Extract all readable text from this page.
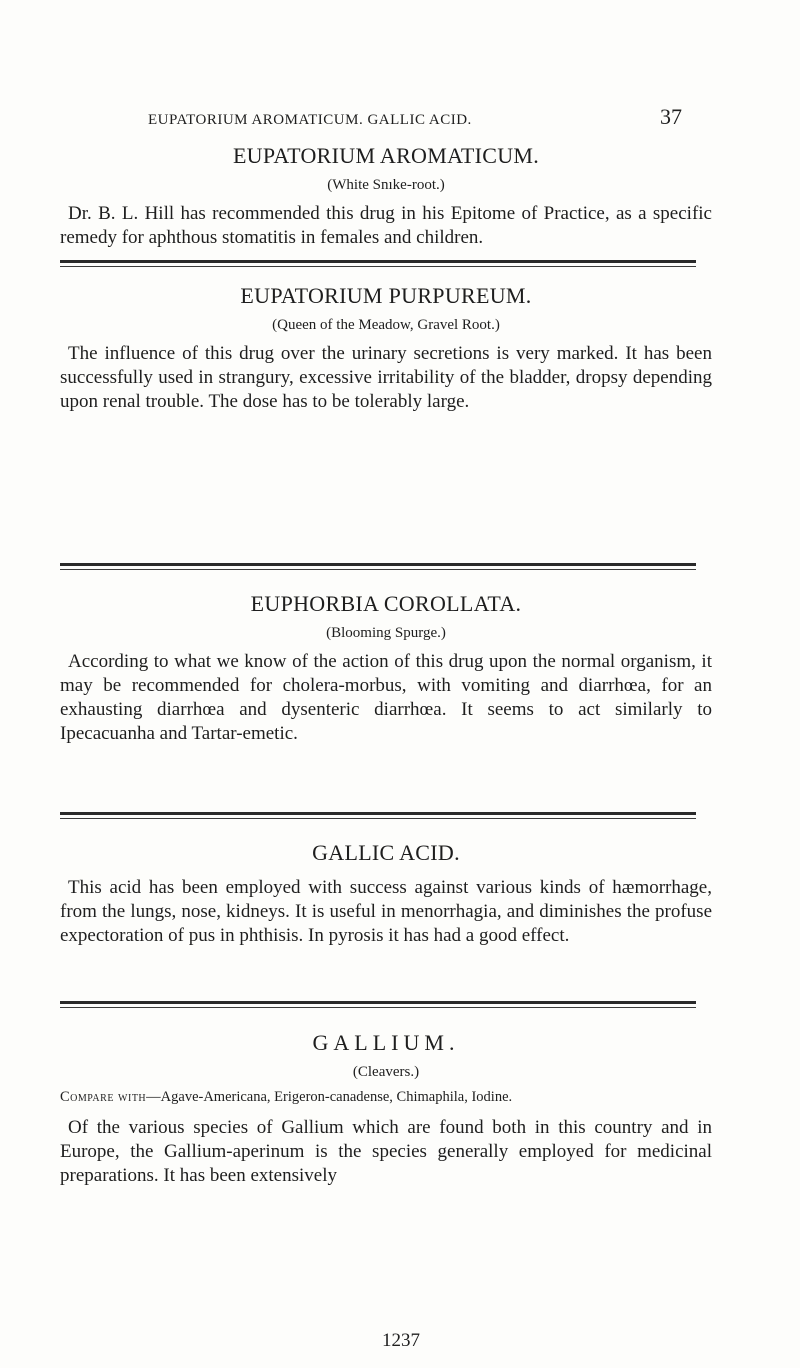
EUPATORIUM AROMATICUM. GALLIC ACID.	37
EUPATORIUM AROMATICUM.
(White Snıke-root.)

Dr. B. L. Hill has recommended this drug in his Epitome of Practice, as a specific remedy for aphthous stomatitis in females and children.

EUPATORIUM PURPUREUM.
(Queen of the Meadow, Gravel Root.)

The influence of this drug over the urinary secretions is very marked. It has been successfully used in strangury, excessive irritability of the bladder, dropsy depending upon renal trouble. The dose has to be tolerably large.

EUPHORBIA COROLLATA.
(Blooming Spurge.)

According to what we know of the action of this drug upon the normal organism, it may be recommended for cholera-morbus, with vomiting and diarrhœa, for an exhausting diarrhœa and dysenteric diarrhœa. It seems to act similarly to Ipecacuanha and Tartar-emetic.

GALLIC ACID.

This acid has been employed with success against various kinds of hæmorrhage, from the lungs, nose, kidneys. It is useful in menorrhagia, and diminishes the profuse expectoration of pus in phthisis. In pyrosis it has had a good effect.

GALLIUM.
(Cleavers.)
Compare with—Agave-Americana, Erigeron-canadense, Chimaphila, Iodine.

Of the various species of Gallium which are found both in this country and in Europe, the Gallium-aperinum is the species generally employed for medicinal preparations. It has been extensively

1237
